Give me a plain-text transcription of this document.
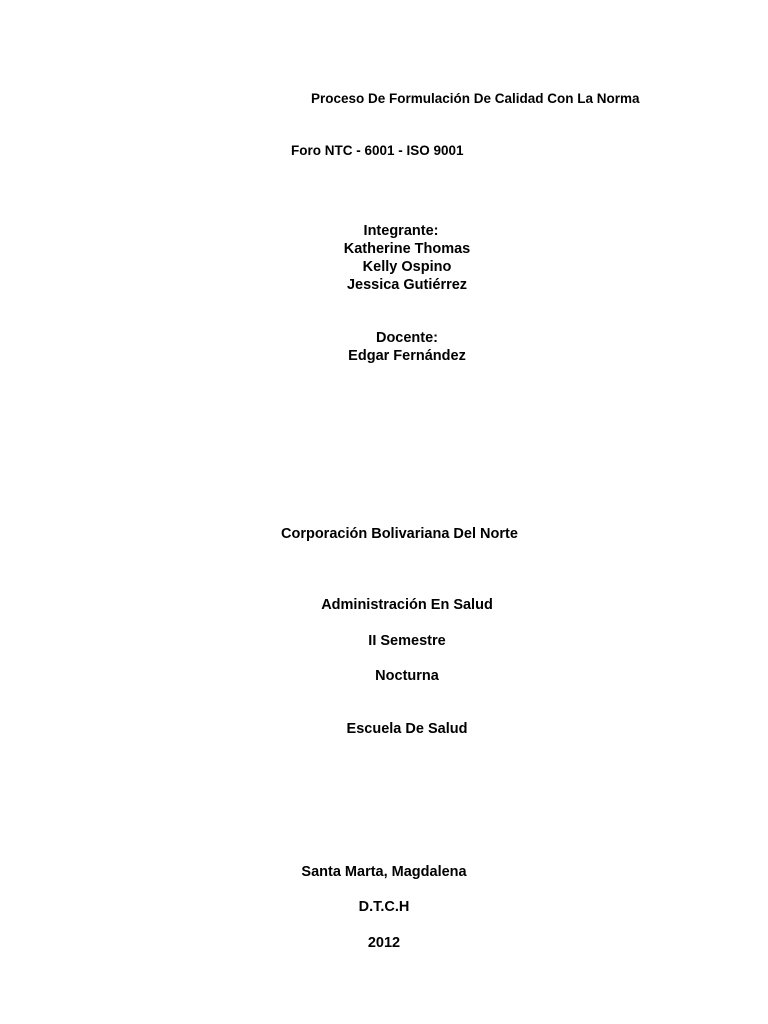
Proceso De Formulación De Calidad Con La Norma
Foro NTC - 6001 - ISO 9001
Integrante:
Katherine Thomas
Kelly Ospino
Jessica Gutiérrez
Docente:
Edgar Fernández
Corporación Bolivariana Del Norte
Administración En Salud
II Semestre
Nocturna
Escuela De Salud
Santa Marta, Magdalena
D.T.C.H
2012
